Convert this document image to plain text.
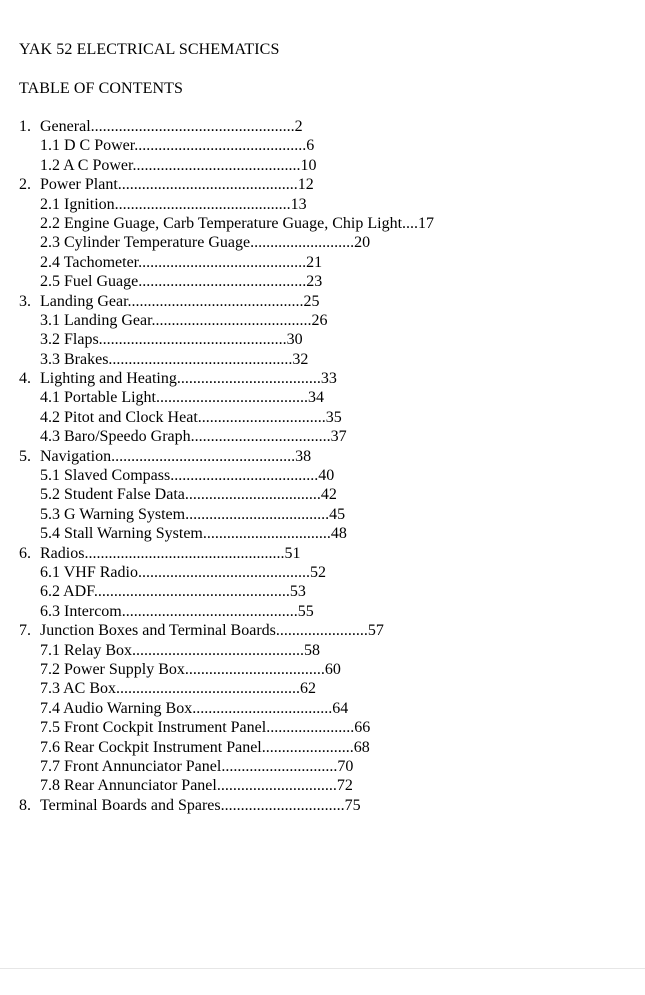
YAK 52 ELECTRICAL SCHEMATICS
TABLE OF CONTENTS
1. General...................................................2
1.1 D C Power...........................................6
1.2 A C Power..........................................10
2. Power Plant.............................................12
2.1 Ignition............................................13
2.2 Engine Guage, Carb Temperature Guage, Chip Light....17
2.3 Cylinder Temperature Guage..........................20
2.4 Tachometer..........................................21
2.5 Fuel Guage..........................................23
3. Landing Gear............................................25
3.1 Landing Gear........................................26
3.2 Flaps...............................................30
3.3 Brakes..............................................32
4. Lighting and Heating....................................33
4.1 Portable Light......................................34
4.2 Pitot and Clock Heat................................35
4.3 Baro/Speedo Graph...................................37
5. Navigation..............................................38
5.1 Slaved Compass.....................................40
5.2 Student False Data..................................42
5.3 G Warning System....................................45
5.4 Stall Warning System................................48
6. Radios..................................................51
6.1 VHF Radio...........................................52
6.2 ADF.................................................53
6.3 Intercom............................................55
7. Junction Boxes and Terminal Boards.......................57
7.1 Relay Box...........................................58
7.2 Power Supply Box...................................60
7.3 AC Box..............................................62
7.4 Audio Warning Box...................................64
7.5 Front Cockpit Instrument Panel......................66
7.6 Rear Cockpit Instrument Panel.......................68
7.7 Front Annunciator Panel.............................70
7.8 Rear Annunciator Panel..............................72
8. Terminal Boards and Spares...............................75
